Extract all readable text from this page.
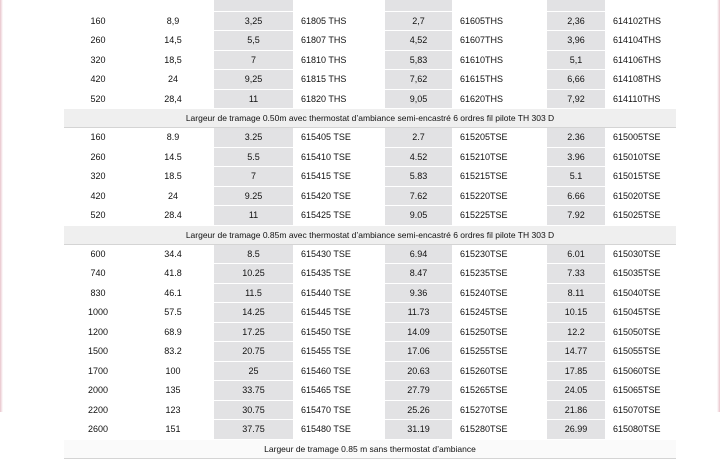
160	8,9	3,25	61805 THS	2,7	61605THS	2,36	614102THS
260	14,5	5,5	61807 THS	4,52	61607THS	3,96	614104THS
320	18,5	7	61810 THS	5,83	61610THS	5,1	614106THS
420	24	9,25	61815 THS	7,62	61615THS	6,66	614108THS
520	28,4	11	61820 THS	9,05	61620THS	7,92	614110THS
Largeur de tramage 0.50m avec thermostat d’ambiance semi-encastré 6 ordres fil pilote TH 303 D							
160	8.9	3.25	615405 TSE	2.7	615205TSE	2.36	615005TSE
260	14.5	5.5	615410 TSE	4.52	615210TSE	3.96	615010TSE
320	18.5	7	615415 TSE	5.83	615215TSE	5.1	615015TSE
420	24	9.25	615420 TSE	7.62	615220TSE	6.66	615020TSE
520	28.4	11	615425 TSE	9.05	615225TSE	7.92	615025TSE
Largeur de tramage 0.85m avec thermostat d’ambiance semi-encastré 6 ordres fil pilote TH 303 D							
600	34.4	8.5	615430 TSE	6.94	615230TSE	6.01	615030TSE
740	41.8	10.25	615435 TSE	8.47	615235TSE	7.33	615035TSE
830	46.1	11.5	615440 TSE	9.36	615240TSE	8.11	615040TSE
1000	57.5	14.25	615445 TSE	11.73	615245TSE	10.15	615045TSE
1200	68.9	17.25	615450 TSE	14.09	615250TSE	12.2	615050TSE
1500	83.2	20.75	615455 TSE	17.06	615255TSE	14.77	615055TSE
1700	100	25	615460 TSE	20.63	615260TSE	17.85	615060TSE
2000	135	33.75	615465 TSE	27.79	615265TSE	24.05	615065TSE
2200	123	30.75	615470 TSE	25.26	615270TSE	21.86	615070TSE
2600	151	37.75	615480 TSE	31.19	615280TSE	26.99	615080TSE
Largeur de tramage 0.85 m sans thermostat d’ambiance							
